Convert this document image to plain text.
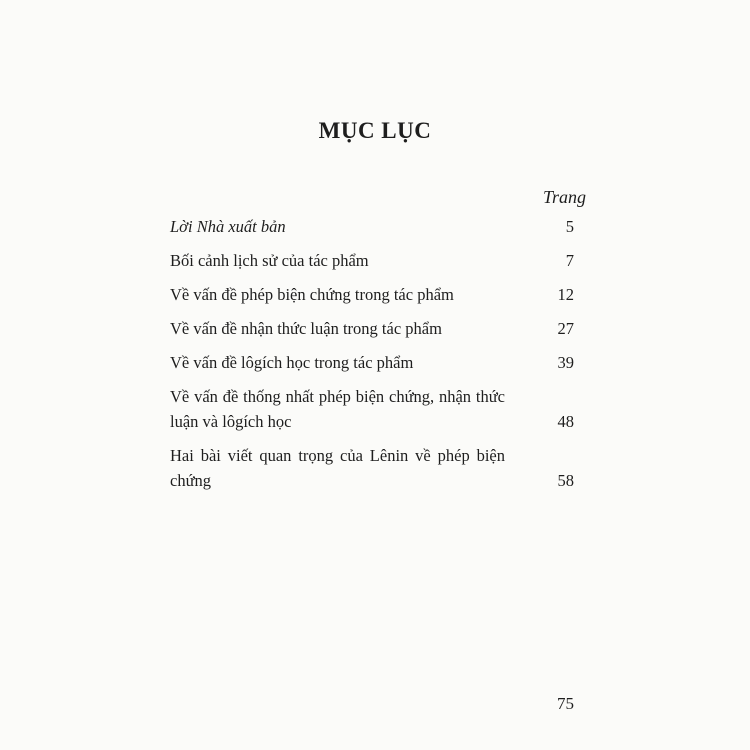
MỤC LỤC
Trang
Lời Nhà xuất bản	5
Bối cảnh lịch sử của tác phẩm	7
Về vấn đề phép biện chứng trong tác phẩm	12
Về vấn đề nhận thức luận trong tác phẩm	27
Về vấn đề lôgích học trong tác phẩm	39
Về vấn đề thống nhất phép biện chứng, nhận thức luận và lôgích học	48
Hai bài viết quan trọng của Lênin về phép biện chứng	58
75
